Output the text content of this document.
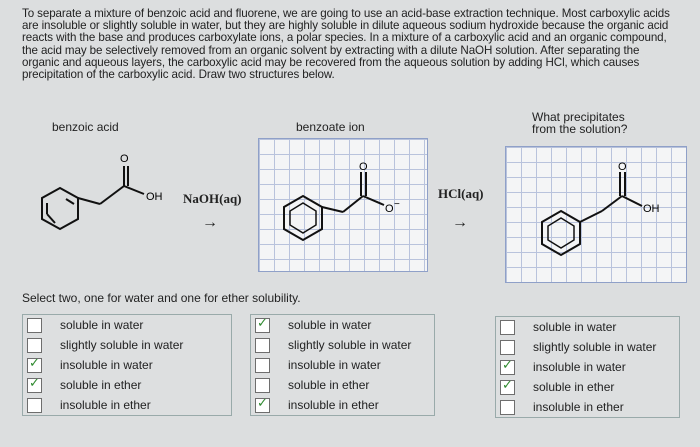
To separate a mixture of benzoic acid and fluorene, we are going to use an acid-base extraction technique. Most carboxylic acids are insoluble or slightly soluble in water, but they are highly soluble in dilute aqueous sodium hydroxide because the organic acid reacts with the base and produces carboxylate ions, a polar species. In a mixture of a carboxylic acid and an organic compound, the acid may be selectively removed from an organic solvent by extracting with a dilute NaOH solution. After separating the organic and aqueous layers, the carboxylic acid may be recovered from the aqueous solution by adding HCl, which causes precipitation of the carboxylic acid. Draw two structures below.

benzoic acid	benzoate ion
What precipitates from the solution?
O
OH
O
O −
O
OH
NaOH(aq)
→
HCl(aq)
→
Select two, one for water and one for ether solubility.
soluble in water
slightly soluble in water
✓
insoluble in water
✓
soluble in ether
insoluble in ether
✓
soluble in water
slightly soluble in water
insoluble in water
soluble in ether
✓
insoluble in ether
soluble in water
slightly soluble in water
✓
insoluble in water
✓
soluble in ether
insoluble in ether
